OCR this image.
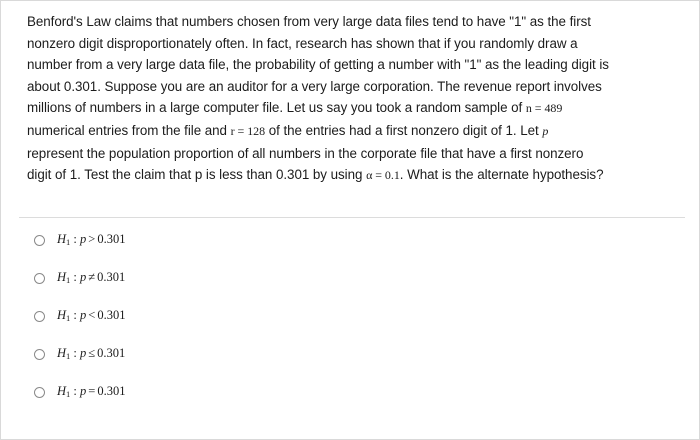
Benford's Law claims that numbers chosen from very large data files tend to have "1" as the first
nonzero digit disproportionately often. In fact, research has shown that if you randomly draw a
number from a very large data file, the probability of getting a number with "1" as the leading digit is
about 0.301. Suppose you are an auditor for a very large corporation. The revenue report involves
millions of numbers in a large computer file. Let us say you took a random sample of n = 489
numerical entries from the file and r = 128 of the entries had a first nonzero digit of 1. Let p
represent the population proportion of all numbers in the corporate file that have a first nonzero
digit of 1. Test the claim that p is less than 0.301 by using α = 0.1. What is the alternate hypothesis?
$H_1$ : p > 0.301
$H_1$ : p ≠ 0.301
$H_1$ : p < 0.301
$H_1$ : p ≤ 0.301
$H_1$ : p = 0.301
